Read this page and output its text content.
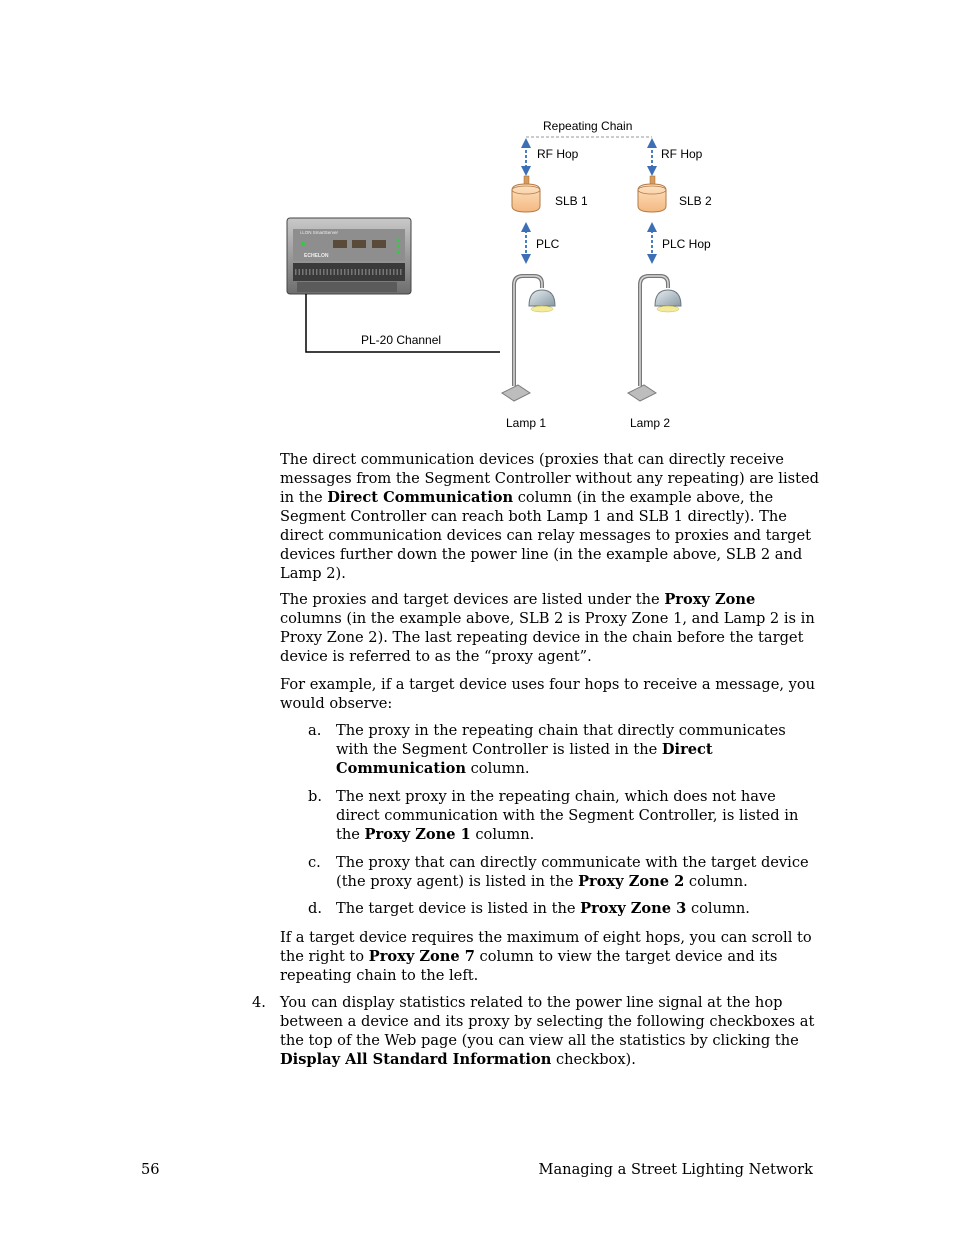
Repeating Chain
RF Hop	RF Hop
SLB 1	SLB 2
PLC	PLC Hop
Lamp 1	Lamp 2
i.LON SmartServer
ECHELON
PL-20 Channel

The direct communication devices (proxies that can directly receive messages from the Segment Controller without any repeating) are listed in the Direct Communication column (in the example above, the Segment Controller can reach both Lamp 1 and SLB 1 directly). The direct communication devices can relay messages to proxies and target devices further down the power line (in the example above, SLB 2 and Lamp 2).

The proxies and target devices are listed under the Proxy Zone columns (in the example above, SLB 2 is Proxy Zone 1, and Lamp 2 is in Proxy Zone 2). The last repeating device in the chain before the target device is referred to as the “proxy agent”.

For example, if a target device uses four hops to receive a message, you would observe:

a. The proxy in the repeating chain that directly communicates with the Segment Controller is listed in the Direct Communication column.
b. The next proxy in the repeating chain, which does not have direct communication with the Segment Controller, is listed in the Proxy Zone 1 column.
c. The proxy that can directly communicate with the target device (the proxy agent) is listed in the Proxy Zone 2 column.
d. The target device is listed in the Proxy Zone 3 column.

If a target device requires the maximum of eight hops, you can scroll to the right to Proxy Zone 7 column to view the target device and its repeating chain to the left.

4. You can display statistics related to the power line signal at the hop between a device and its proxy by selecting the following checkboxes at the top of the Web page (you can view all the statistics by clicking the Display All Standard Information checkbox).
56	Managing a Street Lighting Network
